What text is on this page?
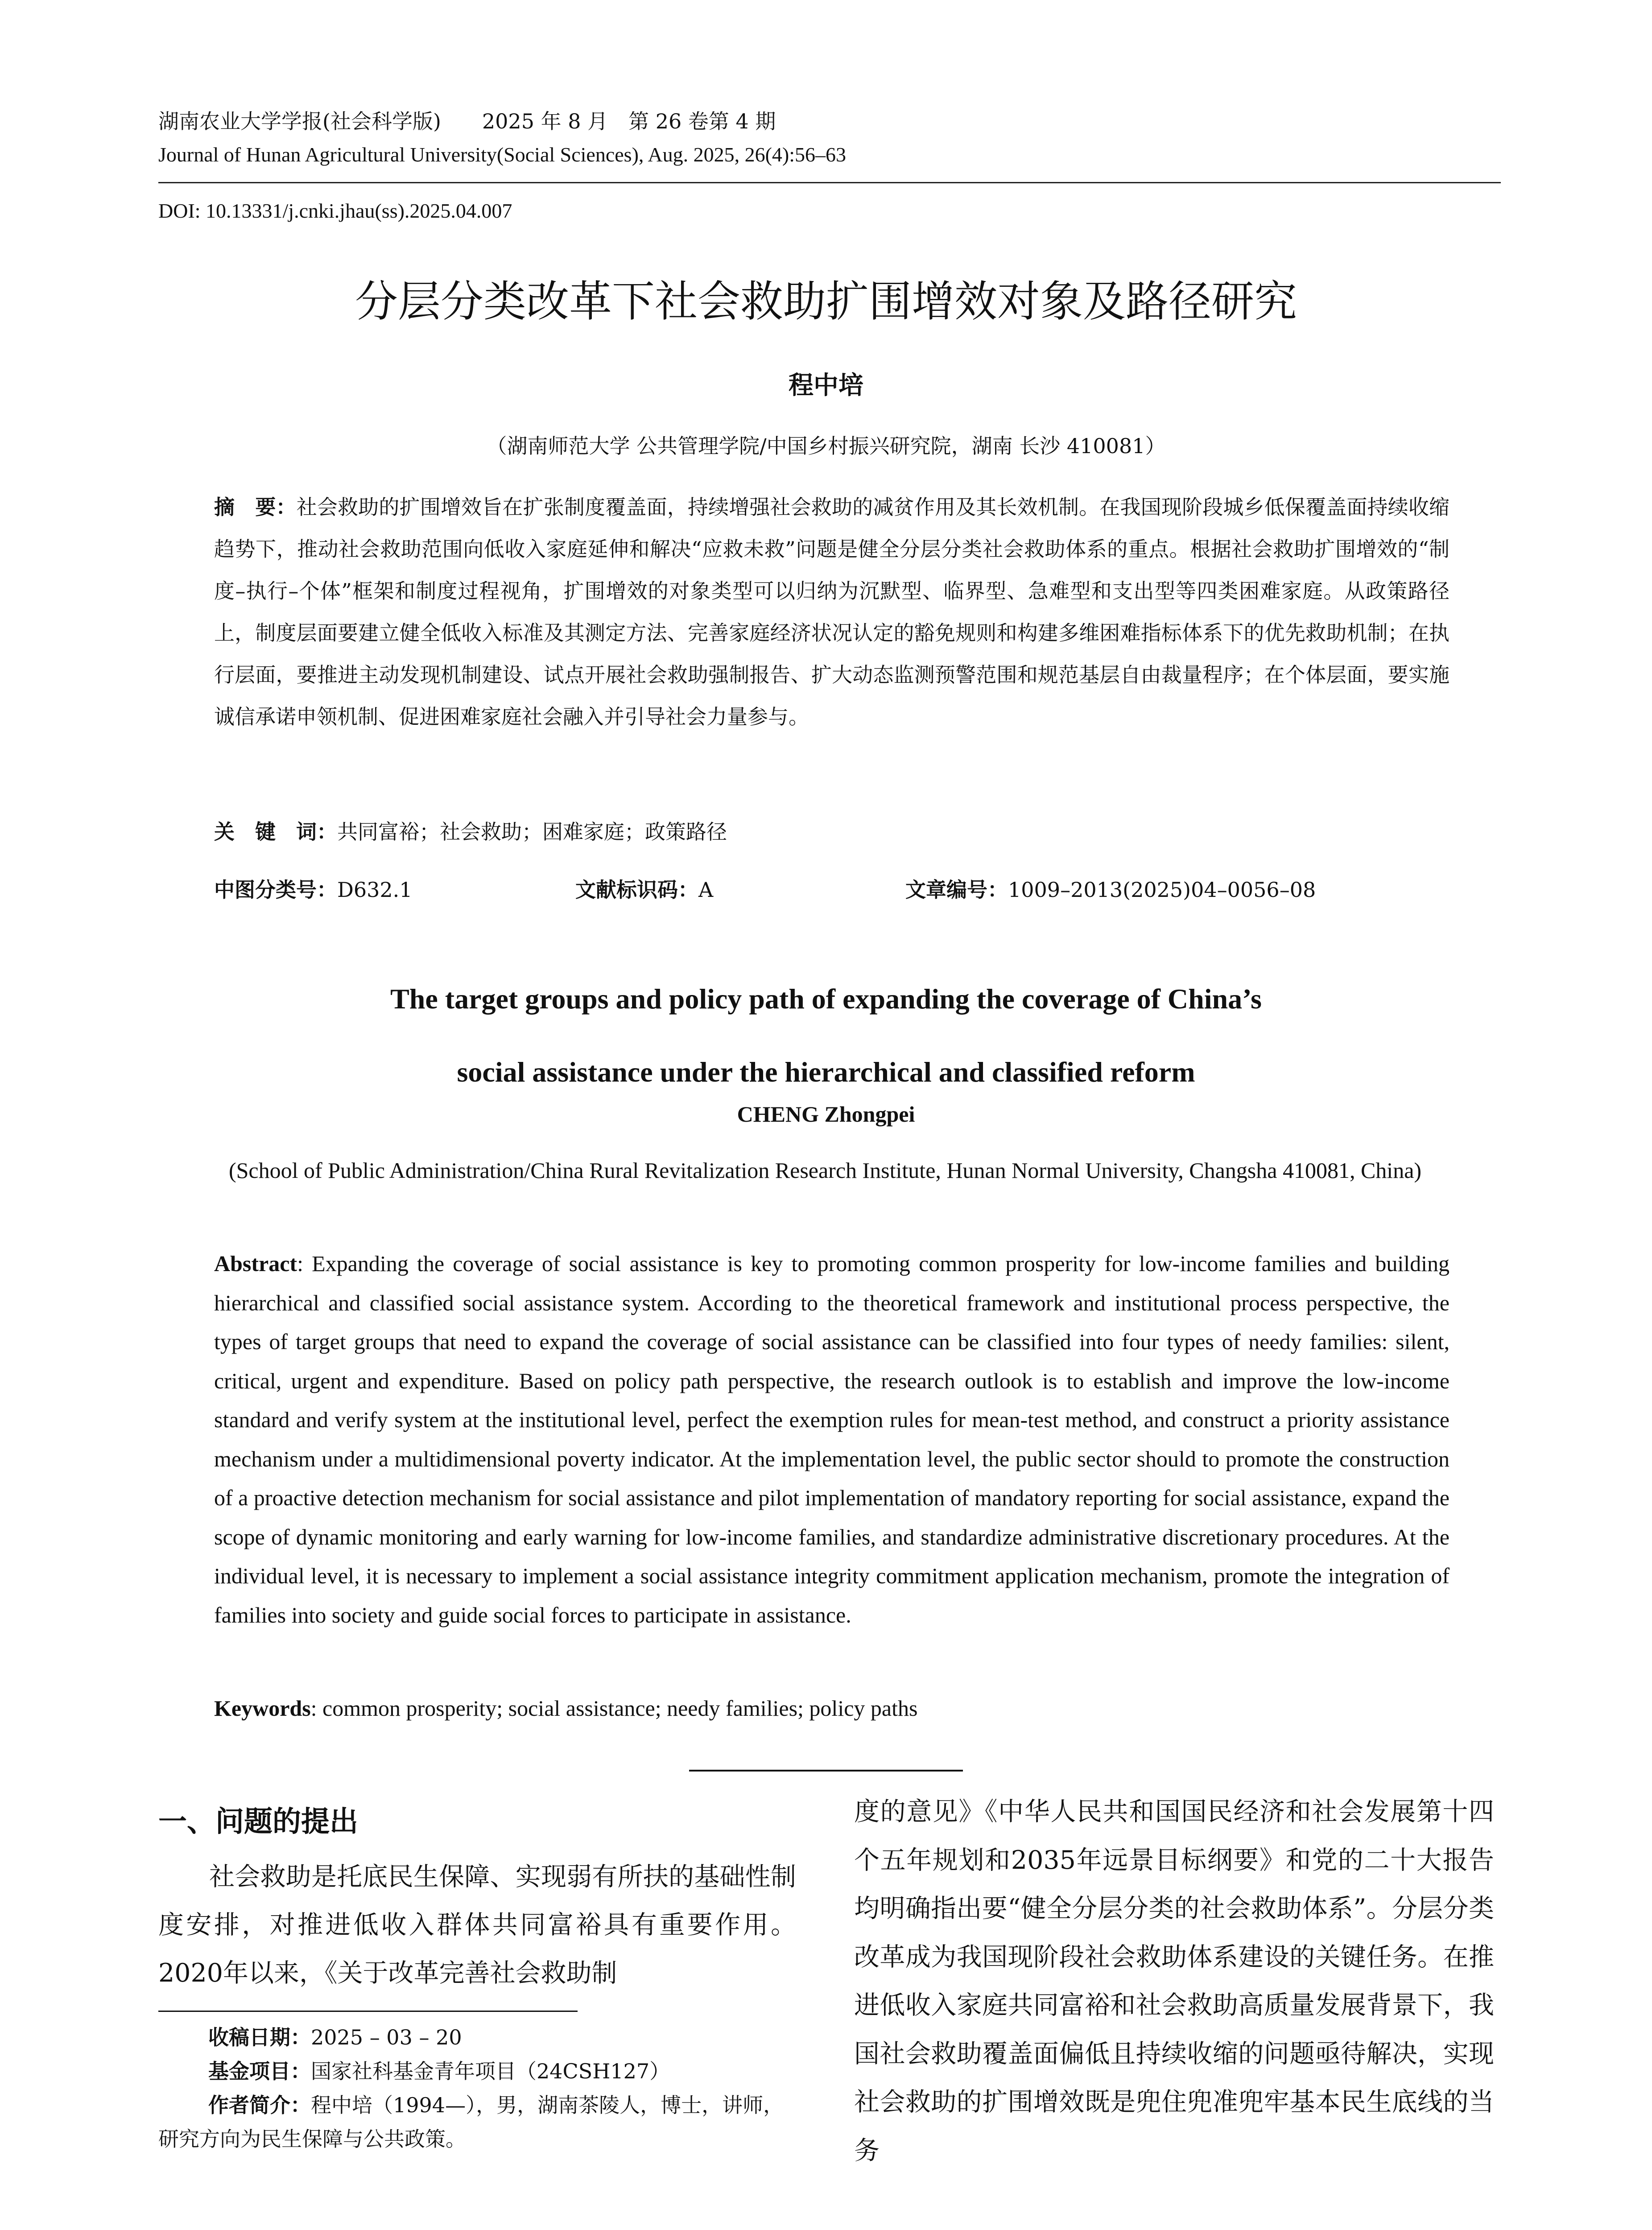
湖南农业大学学报(社会科学版)　　2025 年 8 月　第 26 卷第 4 期
Journal of Hunan Agricultural University(Social Sciences), Aug. 2025, 26(4):56–63
DOI: 10.13331/j.cnki.jhau(ss).2025.04.007
分层分类改革下社会救助扩围增效对象及路径研究
程中培
（湖南师范大学 公共管理学院/中国乡村振兴研究院，湖南 长沙 410081）
摘　要：社会救助的扩围增效旨在扩张制度覆盖面，持续增强社会救助的减贫作用及其长效机制。在我国现阶段城乡低保覆盖面持续收缩趋势下，推动社会救助范围向低收入家庭延伸和解决“应救未救”问题是健全分层分类社会救助体系的重点。根据社会救助扩围增效的“制度–执行–个体”框架和制度过程视角，扩围增效的对象类型可以归纳为沉默型、临界型、急难型和支出型等四类困难家庭。从政策路径上，制度层面要建立健全低收入标准及其测定方法、完善家庭经济状况认定的豁免规则和构建多维困难指标体系下的优先救助机制；在执行层面，要推进主动发现机制建设、试点开展社会救助强制报告、扩大动态监测预警范围和规范基层自由裁量程序；在个体层面，要实施诚信承诺申领机制、促进困难家庭社会融入并引导社会力量参与。
关　键　词：共同富裕；社会救助；困难家庭；政策路径
中图分类号：D632.1	文献标识码：A	文章编号：1009–2013(2025)04–0056–08
The target groups and policy path of expanding the coverage of China’s
social assistance under the hierarchical and classified reform
CHENG Zhongpei
(School of Public Administration/China Rural Revitalization Research Institute, Hunan Normal University, Changsha 410081, China)
Abstract: Expanding the coverage of social assistance is key to promoting common prosperity for low-income families and building hierarchical and classified social assistance system. According to the theoretical framework and institutional process perspective, the types of target groups that need to expand the coverage of social assistance can be classified into four types of needy families: silent, critical, urgent and expenditure. Based on policy path perspective, the research outlook is to establish and improve the low-income standard and verify system at the institutional level, perfect the exemption rules for mean-test method, and construct a priority assistance mechanism under a multidimensional poverty indicator. At the implementation level, the public sector should to promote the construction of a proactive detection mechanism for social assistance and pilot implementation of mandatory reporting for social assistance, expand the scope of dynamic monitoring and early warning for low-income families, and standardize administrative discretionary procedures. At the individual level, it is necessary to implement a social assistance integrity commitment application mechanism, promote the integration of families into society and guide social forces to participate in assistance.
Keywords: common prosperity; social assistance; needy families; policy paths
一、问题的提出

社会救助是托底民生保障、实现弱有所扶的基础性制度安排，对推进低收入群体共同富裕具有重要作用。2020年以来，《关于改革完善社会救助制

度的意见》《中华人民共和国国民经济和社会发展第十四个五年规划和2035年远景目标纲要》和党的二十大报告均明确指出要“健全分层分类的社会救助体系”。分层分类改革成为我国现阶段社会救助体系建设的关键任务。在推进低收入家庭共同富裕和社会救助高质量发展背景下，我国社会救助覆盖面偏低且持续收缩的问题亟待解决，实现社会救助的扩围增效既是兜住兜准兜牢基本民生底线的当务
收稿日期：2025 – 03 – 20
基金项目：国家社科基金青年项目（24CSH127）
作者简介：程中培（1994—），男，湖南茶陵人，博士，讲师，研究方向为民生保障与公共政策。
